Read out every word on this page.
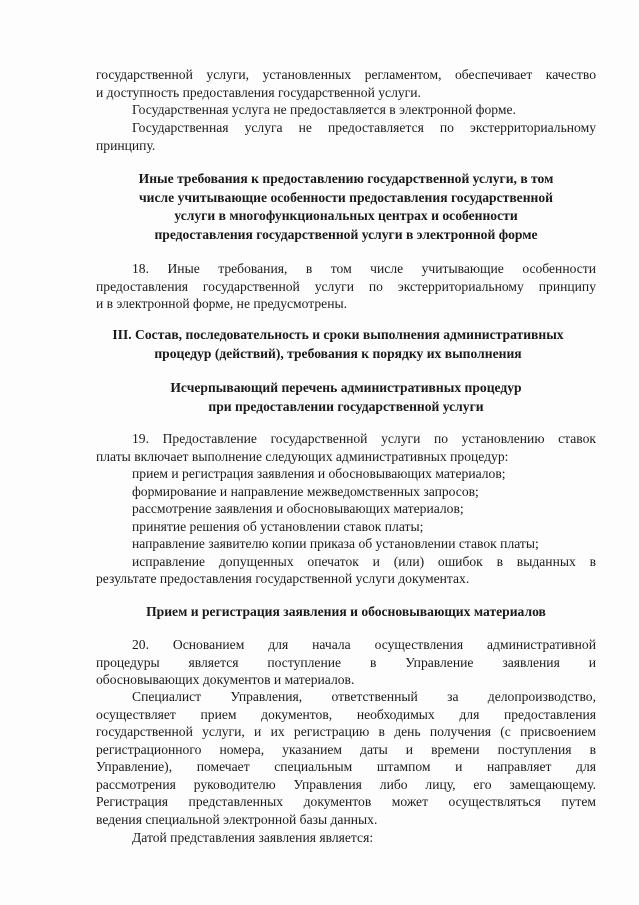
государственной услуги, установленных регламентом, обеспечивает качество
и доступность предоставления государственной услуги.
Государственная услуга не предоставляется в электронной форме.
Государственная услуга не предоставляется по экстерриториальному
принципу.
Иные требования к предоставлению государственной услуги, в том
числе учитывающие особенности предоставления государственной
услуги в многофункциональных центрах и особенности
предоставления государственной услуги в электронной форме
18. Иные требования, в том числе учитывающие особенности
предоставления государственной услуги по экстерриториальному принципу
и в электронной форме, не предусмотрены.
III. Состав, последовательность и сроки выполнения административных
процедур (действий), требования к порядку их выполнения
Исчерпывающий перечень административных процедур
при предоставлении государственной услуги
19. Предоставление государственной услуги по установлению ставок
платы включает выполнение следующих административных процедур:
прием и регистрация заявления и обосновывающих материалов;
формирование и направление межведомственных запросов;
рассмотрение заявления и обосновывающих материалов;
принятие решения об установлении ставок платы;
направление заявителю копии приказа об установлении ставок платы;
исправление допущенных опечаток и (или) ошибок в выданных в
результате предоставления государственной услуги документах.
Прием и регистрация заявления и обосновывающих материалов
20. Основанием для начала осуществления административной
процедуры является поступление в Управление заявления и
обосновывающих документов и материалов.
Специалист Управления, ответственный за делопроизводство,
осуществляет прием документов, необходимых для предоставления
государственной услуги, и их регистрацию в день получения (с присвоением
регистрационного номера, указанием даты и времени поступления в
Управление), помечает специальным штампом и направляет для
рассмотрения руководителю Управления либо лицу, его замещающему.
Регистрация представленных документов может осуществляться путем
ведения специальной электронной базы данных.
Датой представления заявления является:
